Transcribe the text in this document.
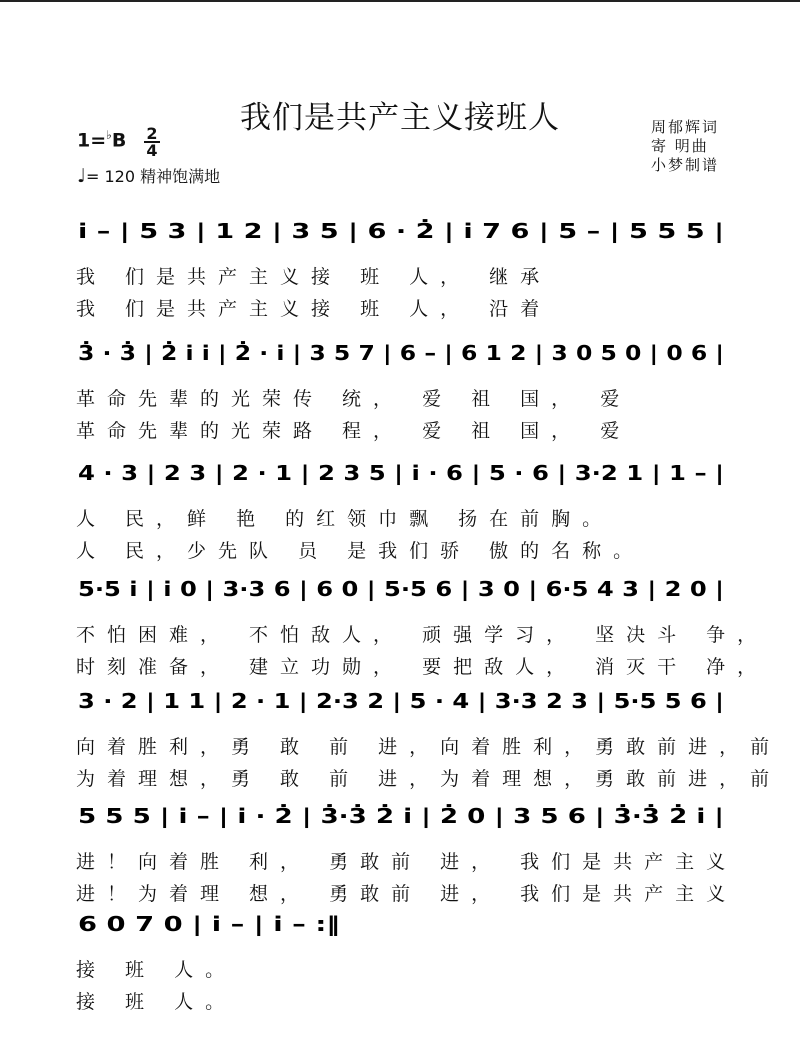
我们是共产主义接班人	周郁辉词
寄 明曲
小梦制谱
1=♭B 2
4
♩= 120 精神饱满地
i̇ – | 5 3 | 1 2 | 3 5 | 6 · 2̇ | i̇ 7 6 | 5 – | 5 5 5 |
我 们是共产主义接 班 人， 继承
我 们是共产主义接 班 人， 沿着
3̇ · 3̇ | 2̇ i̇ i̇ | 2̇ · i̇ | 3 5 7 | 6 – | 6 1 2 | 3 0 5 0 | 0 6 |
革命先辈的光荣传 统， 爱 祖 国， 爱
革命先辈的光荣路 程， 爱 祖 国， 爱
4 · 3 | 2 3 | 2 · 1 | 2 3 5 | i̇ · 6 | 5 · 6 | 3·2 1 | 1 – |
人 民，鲜 艳 的红领巾飘 扬在前胸。
人 民，少先队 员 是我们骄 傲的名称。
5·5 i̇ | i̇ 0 | 3·3 6 | 6 0 | 5·5 6 | 3 0 | 6·5 4 3 | 2 0 |
不怕困难， 不怕敌人， 顽强学习， 坚决斗 争，
时刻准备， 建立功勋， 要把敌人， 消灭干 净，
3 · 2 | 1 1 | 2 · 1 | 2·3 2 | 5 · 4 | 3·3 2 3 | 5·5 5 6 |
向着胜利，勇 敢 前 进，向着胜利，勇敢前进，前
为着理想，勇 敢 前 进，为着理想，勇敢前进，前
5 5 5 | i̇ – | i̇ · 2̇ | 3̇·3̇ 2̇ i̇ | 2̇ 0 | 3 5 6 | 3̇·3̇ 2̇ i̇ |
进！向着胜 利， 勇敢前 进， 我们是共产主义
进！为着理 想， 勇敢前 进， 我们是共产主义
6 0 7 0 | i̇ – | i̇ – :‖
接 班 人。
接 班 人。
